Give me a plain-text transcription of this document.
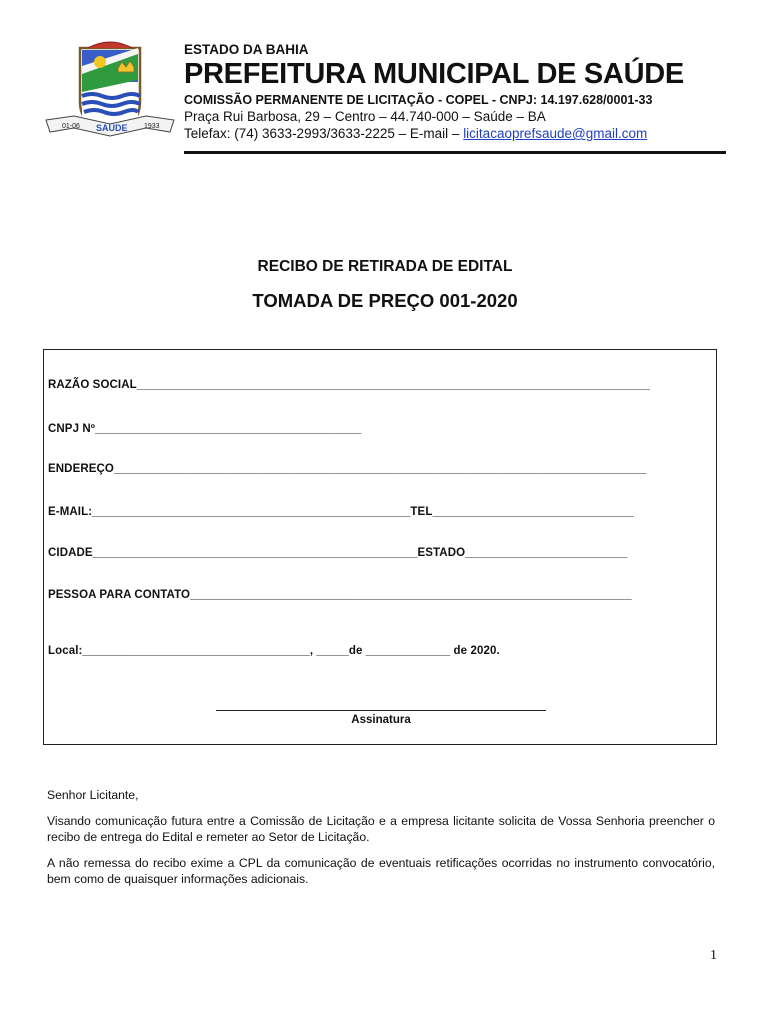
01-06 SAÚDE 1933
ESTADO DA BAHIA
PREFEITURA MUNICIPAL DE SAÚDE
COMISSÃO PERMANENTE DE LICITAÇÃO - COPEL - CNPJ: 14.197.628/0001-33
Praça Rui Barbosa, 29 – Centro – 44.740-000 – Saúde – BA
Telefax: (74) 3633-2993/3633-2225 – E-mail – licitacaoprefsaude@gmail.com
RECIBO DE RETIRADA DE EDITAL
TOMADA DE PREÇO 001-2020
RAZÃO SOCIAL_______________________________________________________________________________
CNPJ Nº_________________________________________
ENDEREÇO__________________________________________________________________________________
E-MAIL:_________________________________________________TEL_______________________________
CIDADE__________________________________________________ESTADO_________________________
PESSOA PARA CONTATO____________________________________________________________________
Local:___________________________________, _____de _____________ de 2020.
Assinatura
Senhor Licitante,
Visando comunicação futura entre a Comissão de Licitação e a empresa licitante solicita de Vossa Senhoria preencher o recibo de entrega do Edital e remeter ao Setor de Licitação.
A não remessa do recibo exime a CPL da comunicação de eventuais retificações ocorridas no instrumento convocatório, bem como de quaisquer informações adicionais.
1
